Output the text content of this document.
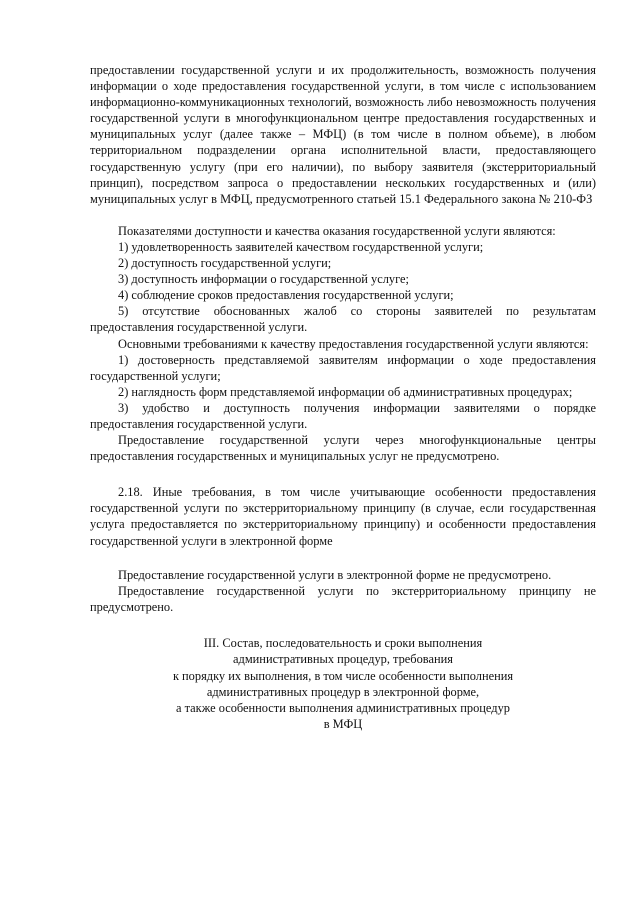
предоставлении государственной услуги и их продолжительность, возможность получения информации о ходе предоставления государственной услуги, в том числе с использованием информационно-коммуникационных технологий, возможность либо невозможность получения государственной услуги в многофункциональном центре предоставления государственных и муниципальных услуг (далее также – МФЦ) (в том числе в полном объеме), в любом территориальном подразделении органа исполнительной власти, предоставляющего государственную услугу (при его наличии), по выбору заявителя (экстерриториальный принцип), посредством запроса о предоставлении нескольких государственных и (или) муниципальных услуг в МФЦ, предусмотренного статьей 15.1 Федерального закона № 210-ФЗ

Показателями доступности и качества оказания государственной услуги являются:

1) удовлетворенность заявителей качеством государственной услуги;

2) доступность государственной услуги;

3) доступность информации о государственной услуге;

4) соблюдение сроков предоставления государственной услуги;

5) отсутствие обоснованных жалоб со стороны заявителей по результатам предоставления государственной услуги.

Основными требованиями к качеству предоставления государственной услуги являются:

1) достоверность представляемой заявителям информации о ходе предоставления государственной услуги;

2) наглядность форм представляемой информации об административных процедурах;

3) удобство и доступность получения информации заявителями о порядке предоставления государственной услуги.

Предоставление государственной услуги через многофункциональные центры предоставления государственных и муниципальных услуг не предусмотрено.

2.18. Иные требования, в том числе учитывающие особенности предоставления государственной услуги по экстерриториальному принципу (в случае, если государственная услуга предоставляется по экстерриториальному принципу) и особенности предоставления государственной услуги в электронной форме

Предоставление государственной услуги в электронной форме не предусмотрено.

Предоставление государственной услуги по экстерриториальному принципу не предусмотрено.

III. Состав, последовательность и сроки выполнения
административных процедур, требования
к порядку их выполнения, в том числе особенности выполнения
административных процедур в электронной форме,
а также особенности выполнения административных процедур
в МФЦ
